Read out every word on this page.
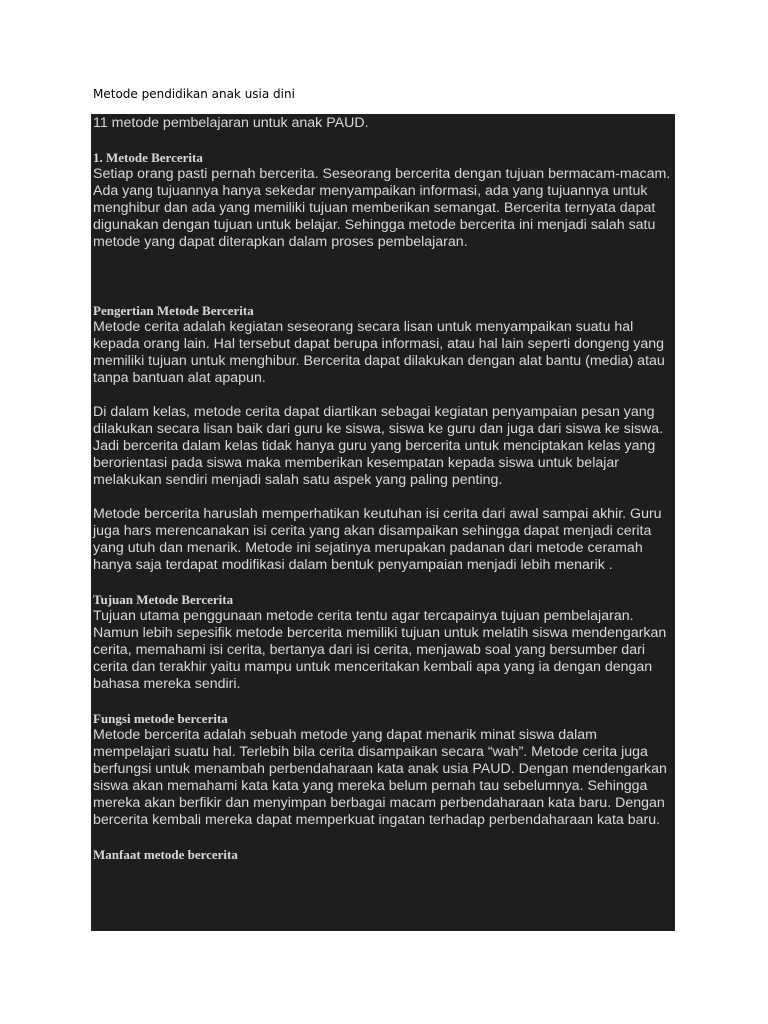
Metode pendidikan anak usia dini

11 metode pembelajaran untuk anak PAUD.

1. Metode Bercerita

Setiap orang pasti pernah bercerita. Seseorang bercerita dengan tujuan bermacam-macam. Ada yang tujuannya hanya sekedar menyampaikan informasi, ada yang tujuannya untuk menghibur dan ada yang memiliki tujuan memberikan semangat. Bercerita ternyata dapat digunakan dengan tujuan untuk belajar. Sehingga metode bercerita ini menjadi salah satu metode yang dapat diterapkan dalam proses pembelajaran.

Pengertian Metode Bercerita

Metode cerita adalah kegiatan seseorang secara lisan untuk menyampaikan suatu hal kepada orang lain. Hal tersebut dapat berupa informasi, atau hal lain seperti dongeng yang memiliki tujuan untuk menghibur. Bercerita dapat dilakukan dengan alat bantu (media) atau tanpa bantuan alat apapun.

Di dalam kelas, metode cerita dapat diartikan sebagai kegiatan penyampaian pesan yang dilakukan secara lisan baik dari guru ke siswa, siswa ke guru dan juga dari siswa ke siswa. Jadi bercerita dalam kelas tidak hanya guru yang bercerita untuk menciptakan kelas yang berorientasi pada siswa maka memberikan kesempatan kepada siswa untuk belajar melakukan sendiri menjadi salah satu aspek yang paling penting.

Metode bercerita haruslah memperhatikan keutuhan isi cerita dari awal sampai akhir. Guru juga hars merencanakan isi cerita yang akan disampaikan sehingga dapat menjadi cerita yang utuh dan menarik. Metode ini sejatinya merupakan padanan dari metode ceramah hanya saja terdapat modifikasi dalam bentuk penyampaian menjadi lebih menarik .

Tujuan Metode Bercerita

Tujuan utama penggunaan metode cerita tentu agar tercapainya tujuan pembelajaran. Namun lebih sepesifik metode bercerita memiliki tujuan untuk melatih siswa mendengarkan cerita, memahami isi cerita, bertanya dari isi cerita, menjawab soal yang bersumber dari cerita dan terakhir yaitu mampu untuk menceritakan kembali apa yang ia dengan dengan bahasa mereka sendiri.

Fungsi metode bercerita

Metode bercerita adalah sebuah metode yang dapat menarik minat siswa dalam mempelajari suatu hal. Terlebih bila cerita disampaikan secara “wah”. Metode cerita juga berfungsi untuk menambah perbendaharaan kata anak usia PAUD. Dengan mendengarkan siswa akan memahami kata kata yang mereka belum pernah tau sebelumnya. Sehingga mereka akan berfikir dan menyimpan berbagai macam perbendaharaan kata baru. Dengan bercerita kembali mereka dapat memperkuat ingatan terhadap perbendaharaan kata baru.

Manfaat metode bercerita
